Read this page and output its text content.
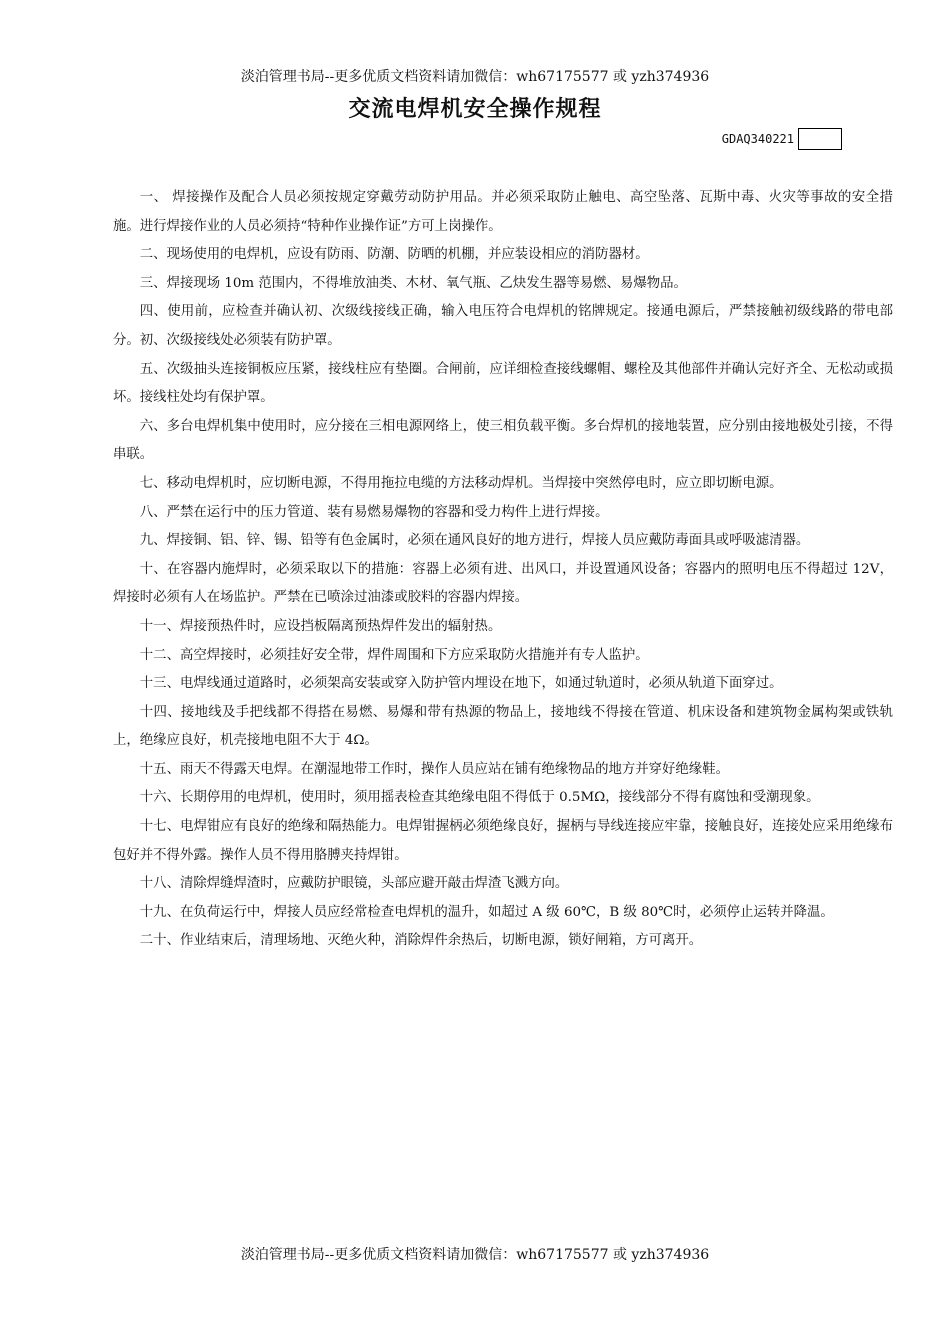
淡泊管理书局--更多优质文档资料请加微信：wh67175577 或 yzh374936
交流电焊机安全操作规程
GDAQ340221

一、 焊接操作及配合人员必须按规定穿戴劳动防护用品。并必须采取防止触电、高空坠落、瓦斯中毒、火灾等事故的安全措施。进行焊接作业的人员必须持“特种作业操作证”方可上岗操作。

二、现场使用的电焊机，应设有防雨、防潮、防晒的机棚，并应装设相应的消防器材。

三、焊接现场 10m 范围内，不得堆放油类、木材、氧气瓶、乙炔发生器等易燃、易爆物品。

四、使用前，应检查并确认初、次级线接线正确，输入电压符合电焊机的铭牌规定。接通电源后，严禁接触初级线路的带电部分。初、次级接线处必须装有防护罩。

五、次级抽头连接铜板应压紧，接线柱应有垫圈。合闸前，应详细检查接线螺帽、螺栓及其他部件并确认完好齐全、无松动或损坏。接线柱处均有保护罩。

六、多台电焊机集中使用时，应分接在三相电源网络上，使三相负载平衡。多台焊机的接地装置，应分别由接地极处引接，不得串联。

七、移动电焊机时，应切断电源，不得用拖拉电缆的方法移动焊机。当焊接中突然停电时，应立即切断电源。

八、严禁在运行中的压力管道、装有易燃易爆物的容器和受力构件上进行焊接。

九、焊接铜、铝、锌、锡、铅等有色金属时，必须在通风良好的地方进行，焊接人员应戴防毒面具或呼吸滤清器。

十、在容器内施焊时，必须采取以下的措施：容器上必须有进、出风口，并设置通风设备；容器内的照明电压不得超过 12V，焊接时必须有人在场监护。严禁在已喷涂过油漆或胶料的容器内焊接。

十一、焊接预热件时，应设挡板隔离预热焊件发出的辐射热。

十二、高空焊接时，必须挂好安全带，焊件周围和下方应采取防火措施并有专人监护。

十三、电焊线通过道路时，必须架高安装或穿入防护管内埋设在地下，如通过轨道时，必须从轨道下面穿过。

十四、接地线及手把线都不得搭在易燃、易爆和带有热源的物品上，接地线不得接在管道、机床设备和建筑物金属构架或铁轨上，绝缘应良好，机壳接地电阻不大于 4Ω。

十五、雨天不得露天电焊。在潮湿地带工作时，操作人员应站在铺有绝缘物品的地方并穿好绝缘鞋。

十六、长期停用的电焊机，使用时，须用摇表检查其绝缘电阻不得低于 0.5MΩ，接线部分不得有腐蚀和受潮现象。

十七、电焊钳应有良好的绝缘和隔热能力。电焊钳握柄必须绝缘良好，握柄与导线连接应牢靠，接触良好，连接处应采用绝缘布包好并不得外露。操作人员不得用胳膊夹持焊钳。

十八、清除焊缝焊渣时，应戴防护眼镜，头部应避开敲击焊渣飞溅方向。

十九、在负荷运行中，焊接人员应经常检查电焊机的温升，如超过 A 级 60℃，B 级 80℃时，必须停止运转并降温。

二十、作业结束后，清理场地、灭绝火种，消除焊件余热后，切断电源，锁好闸箱，方可离开。

淡泊管理书局--更多优质文档资料请加微信：wh67175577 或 yzh374936
